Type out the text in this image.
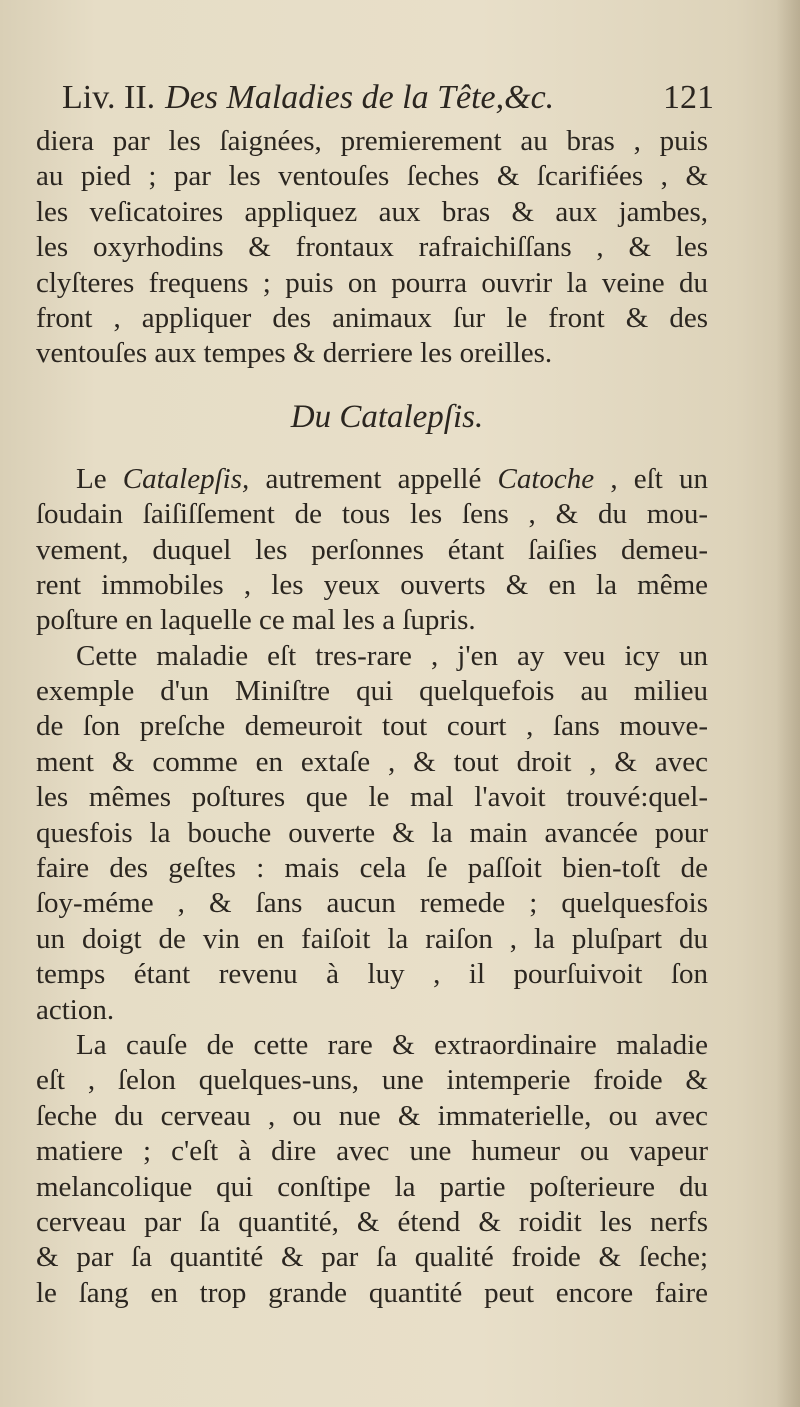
Liv. II. Des Maladies de la Tête,&c.	121
diera par les ſaignées, premierement au bras , puis
au pied ; par les ventouſes ſeches & ſcarifiées , &
les veſicatoires appliquez aux bras & aux jambes,
les oxyrhodins & frontaux rafraichiſſans , & les
clyſteres frequens ; puis on pourra ouvrir la veine du
front , appliquer des animaux ſur le front & des
ventouſes aux tempes & derriere les oreilles.
Du Catalepſis.
Le Catalepſis, autrement appellé Catoche , eſt un
ſoudain ſaiſiſſement de tous les ſens , & du mou-
vement, duquel les perſonnes étant ſaiſies demeu-
rent immobiles , les yeux ouverts & en la même
poſture en laquelle ce mal les a ſupris.
Cette maladie eſt tres-rare , j'en ay veu icy un
exemple d'un Miniſtre qui quelquefois au milieu
de ſon preſche demeuroit tout court , ſans mouve-
ment & comme en extaſe , & tout droit , & avec
les mêmes poſtures que le mal l'avoit trouvé:quel-
quesfois la bouche ouverte & la main avancée pour
faire des geſtes : mais cela ſe paſſoit bien-toſt de
ſoy-méme , & ſans aucun remede ; quelquesfois
un doigt de vin en faiſoit la raiſon , la pluſpart du
temps étant revenu à luy , il pourſuivoit ſon
action.
La cauſe de cette rare & extraordinaire maladie
eſt , ſelon quelques-uns, une intemperie froide &
ſeche du cerveau , ou nue & immaterielle, ou avec
matiere ; c'eſt à dire avec une humeur ou vapeur
melancolique qui conſtipe la partie poſterieure du
cerveau par ſa quantité, & étend & roidit les nerfs
& par ſa quantité & par ſa qualité froide & ſeche;
le ſang en trop grande quantité peut encore faire
